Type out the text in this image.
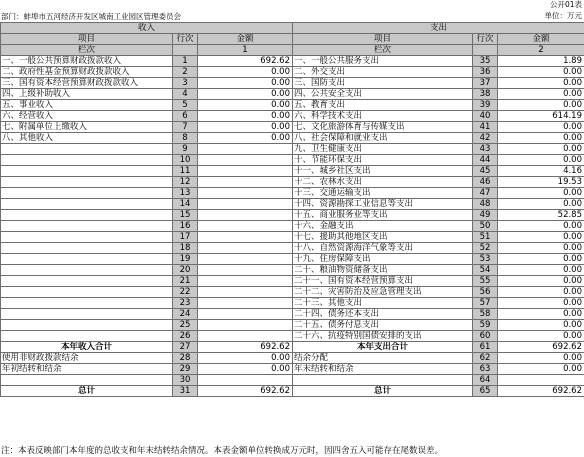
公开01表
部门：蚌埠市五河经济开发区城南工业园区管理委员会	单位：万元
收入			支出		
项目	行次	金额	项目	行次	金额
栏次		1	栏次		2
一、一般公共预算财政拨款收入	1	692.62	一、一般公共服务支出	35	1.89
二、政府性基金预算财政拨款收入	2	0.00	二、外交支出	36	0.00
三、国有资本经营预算财政拨款收入	3	0.00	三、国防支出	37	0.00
四、上级补助收入	4	0.00	四、公共安全支出	38	0.00
五、事业收入	5	0.00	五、教育支出	39	0.00
六、经营收入	6	0.00	六、科学技术支出	40	614.19
七、附属单位上缴收入	7	0.00	七、文化旅游体育与传媒支出	41	0.00
八、其他收入	8	0.00	八、社会保障和就业支出	42	0.00
	9		九、卫生健康支出	43	0.00
	10		十、节能环保支出	44	0.00
	11		十一、城乡社区支出	45	4.16
	12		十二、农林水支出	46	19.53
	13		十三、交通运输支出	47	0.00
	14		十四、资源勘探工业信息等支出	48	0.00
	15		十五、商业服务业等支出	49	52.85
	16		十六、金融支出	50	0.00
	17		十七、援助其他地区支出	51	0.00
	18		十八、自然资源海洋气象等支出	52	0.00
	19		十九、住房保障支出	53	0.00
	20		二十、粮油物资储备支出	54	0.00
	21		二十一、国有资本经营预算支出	55	0.00
	22		二十二、灾害防治及应急管理支出	56	0.00
	23		二十三、其他支出	57	0.00
	24		二十四、债务还本支出	58	0.00
	25		二十五、债务付息支出	59	0.00
	26		二十六、抗疫特别国债安排的支出	60	0.00
本年收入合计	27	692.62	本年支出合计	61	692.62
使用非财政拨款结余	28	0.00	结余分配	62	0.00
年初结转和结余	29	0.00	年末结转和结余	63	0.00
	30			64	
总计	31	692.62	总计	65	692.62
注：本表反映部门本年度的总收支和年末结转结余情况。本表金额单位转换成万元时，因四舍五入可能存在尾数误差。
